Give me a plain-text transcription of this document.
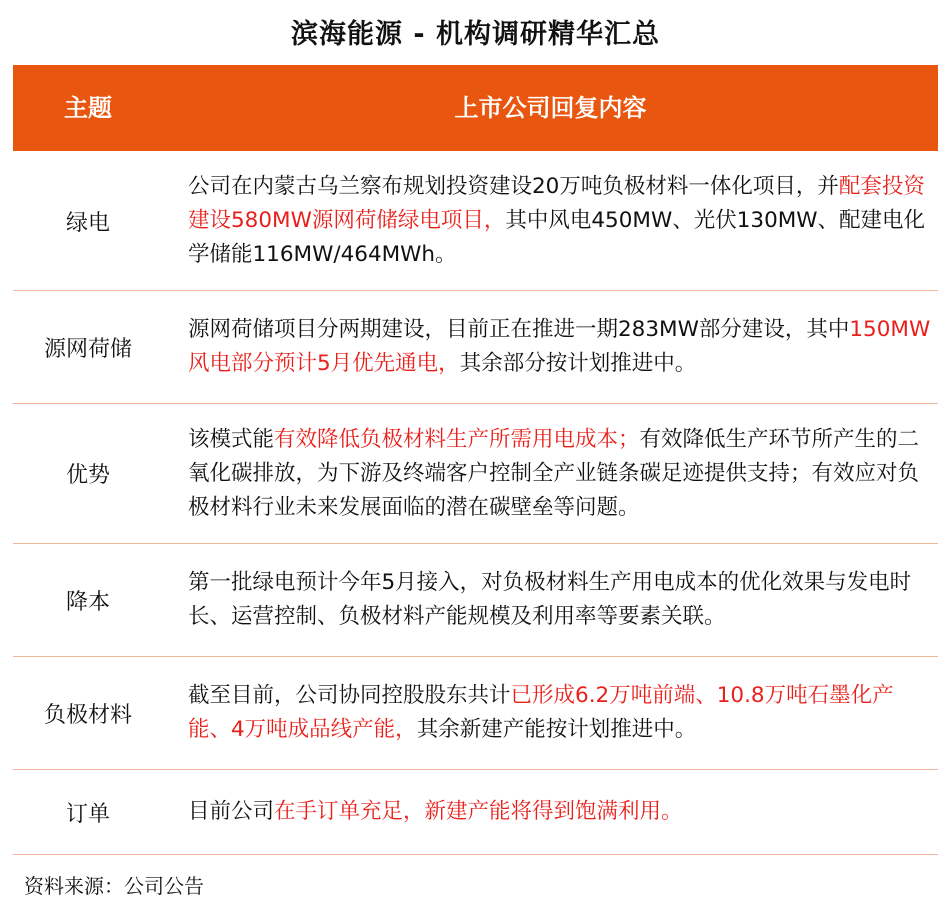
滨海能源 - 机构调研精华汇总
主题	上市公司回复内容
绿电
公司在内蒙古乌兰察布规划投资建设20万吨负极材料一体化项目，并配套投资建设580MW源网荷储绿电项目，其中风电450MW、光伏130MW、配建电化学储能116MW/464MWh。
源网荷储
源网荷储项目分两期建设，目前正在推进一期283MW部分建设，其中150MW风电部分预计5月优先通电，其余部分按计划推进中。
优势
该模式能有效降低负极材料生产所需用电成本；有效降低生产环节所产生的二氧化碳排放，为下游及终端客户控制全产业链条碳足迹提供支持；有效应对负极材料行业未来发展面临的潜在碳壁垒等问题。
降本
第一批绿电预计今年5月接入，对负极材料生产用电成本的优化效果与发电时长、运营控制、负极材料产能规模及利用率等要素关联。
负极材料
截至目前，公司协同控股股东共计已形成6.2万吨前端、10.8万吨石墨化产能、4万吨成品线产能，其余新建产能按计划推进中。
订单	目前公司在手订单充足，新建产能将得到饱满利用。
资料来源：公司公告
